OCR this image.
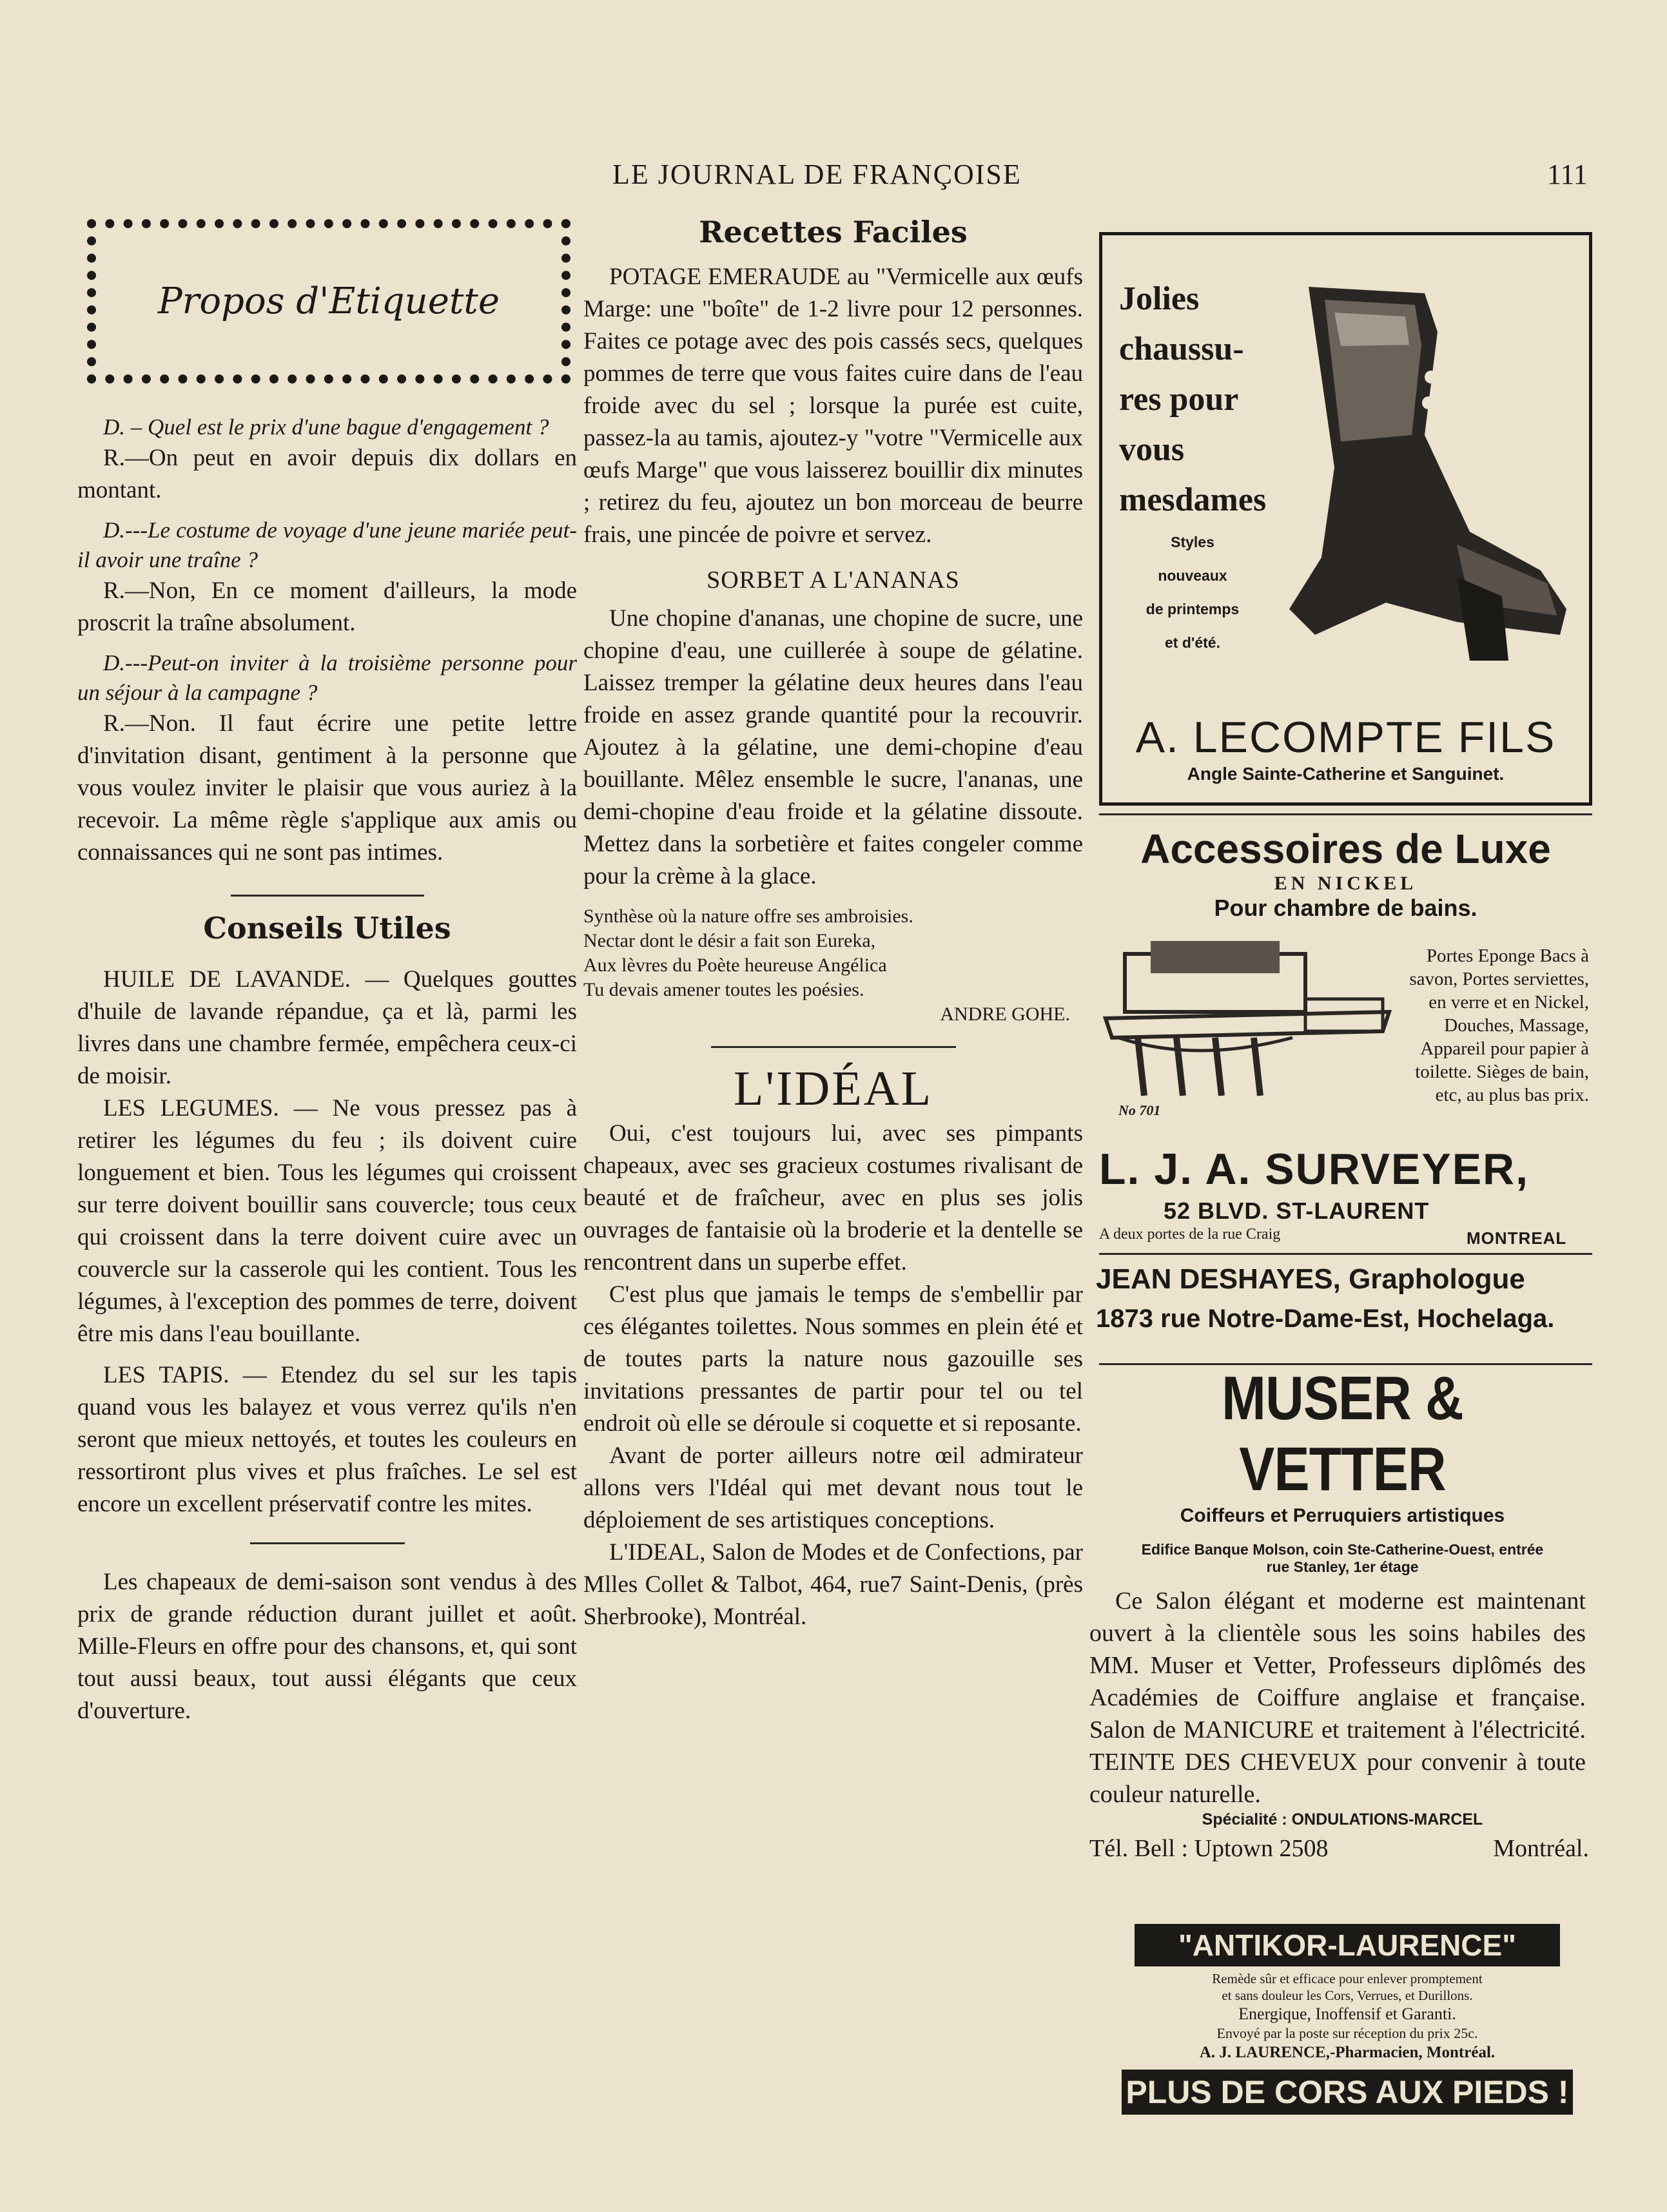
LE JOURNAL DE FRANÇOISE	111
Propos d'Etiquette

D. – Quel est le prix d'une bague d'engagement ?

R.—On peut en avoir depuis dix dollars en montant.

D.---Le costume de voyage d'une jeune mariée peut-il avoir une traîne ?

R.—Non, En ce moment d'ailleurs, la mode proscrit la traîne absolument.

D.---Peut-on inviter à la troisième personne pour un séjour à la campagne ?

R.—Non. Il faut écrire une petite lettre d'invitation disant, gentiment à la personne que vous voulez inviter le plaisir que vous auriez à la recevoir. La même règle s'applique aux amis ou connaissances qui ne sont pas intimes.

Conseils Utiles

HUILE DE LAVANDE. — Quelques gouttes d'huile de lavande répandue, ça et là, parmi les livres dans une chambre fermée, empêchera ceux-ci de moisir.

LES LEGUMES. — Ne vous pressez pas à retirer les légumes du feu ; ils doivent cuire longuement et bien. Tous les légumes qui croissent sur terre doivent bouillir sans couvercle; tous ceux qui croissent dans la terre doivent cuire avec un couvercle sur la casserole qui les contient. Tous les légumes, à l'exception des pommes de terre, doivent être mis dans l'eau bouillante.

LES TAPIS. — Etendez du sel sur les tapis quand vous les balayez et vous verrez qu'ils n'en seront que mieux nettoyés, et toutes les couleurs en ressortiront plus vives et plus fraîches. Le sel est encore un excellent préservatif contre les mites.

Les chapeaux de demi-saison sont vendus à des prix de grande réduction durant juillet et août. Mille-Fleurs en offre pour des chansons, et, qui sont tout aussi beaux, tout aussi élégants que ceux d'ouverture.

Recettes Faciles

POTAGE EMERAUDE au "Vermicelle aux œufs Marge: une "boîte" de 1-2 livre pour 12 personnes. Faites ce potage avec des pois cassés secs, quelques pommes de terre que vous faites cuire dans de l'eau froide avec du sel ; lorsque la purée est cuite, passez-la au tamis, ajoutez-y "votre "Vermicelle aux œufs Marge" que vous laisserez bouillir dix minutes ; retirez du feu, ajoutez un bon morceau de beurre frais, une pincée de poivre et servez.

SORBET A L'ANANAS

Une chopine d'ananas, une chopine de sucre, une chopine d'eau, une cuillerée à soupe de gélatine. Laissez tremper la gélatine deux heures dans l'eau froide en assez grande quantité pour la recouvrir. Ajoutez à la gélatine, une demi-chopine d'eau bouillante. Mêlez ensemble le sucre, l'ananas, une demi-chopine d'eau froide et la gélatine dissoute. Mettez dans la sorbetière et faites congeler comme pour la crème à la glace.

Synthèse où la nature offre ses ambroisies.
Nectar dont le désir a fait son Eureka,
Aux lèvres du Poète heureuse Angélica
Tu devais amener toutes les poésies.
ANDRE GOHE.
L'IDÉAL

Oui, c'est toujours lui, avec ses pimpants chapeaux, avec ses gracieux costumes rivalisant de beauté et de fraîcheur, avec en plus ses jolis ouvrages de fantaisie où la broderie et la dentelle se rencontrent dans un superbe effet.

C'est plus que jamais le temps de s'embellir par ces élégantes toilettes. Nous sommes en plein été et de toutes parts la nature nous gazouille ses invitations pressantes de partir pour tel ou tel endroit où elle se déroule si coquette et si reposante.

Avant de porter ailleurs notre œil admirateur allons vers l'Idéal qui met devant nous tout le déploiement de ses artistiques conceptions.

L'IDEAL, Salon de Modes et de Confections, par Mlles Collet & Talbot, 464, rue7 Saint-Denis, (près Sherbrooke), Montréal.

Jolies
chaussu-
res pour
vous
mesdames
Styles
nouveaux
de printemps
et d'été.
A. LECOMPTE FILS
Angle Sainte-Catherine et Sanguinet.
Accessoires de Luxe
EN NICKEL
Pour chambre de bains.
No 701
Portes Eponge Bacs à savon, Portes serviettes, en verre et en Nickel, Douches, Massage, Appareil pour papier à toilette. Sièges de bain, etc, au plus bas prix.
L. J. A. SURVEYER,
52 BLVD. ST-LAURENT
A deux portes de la rue Craig	MONTREAL
JEAN DESHAYES, Graphologue
1873 rue Notre-Dame-Est, Hochelaga.
MUSER & VETTER
Coiffeurs et Perruquiers artistiques
Edifice Banque Molson, coin Ste-Catherine-Ouest, entrée
rue Stanley, 1er étage
Ce Salon élégant et moderne est maintenant ouvert à la clientèle sous les soins habiles des MM. Muser et Vetter, Professeurs diplômés des Académies de Coiffure anglaise et française. Salon de MANICURE et traitement à l'électricité. TEINTE DES CHEVEUX pour convenir à toute couleur naturelle.
Spécialité : ONDULATIONS-MARCEL
Tél. Bell : Uptown 2508	Montréal.
"ANTIKOR-LAURENCE"
Remède sûr et efficace pour enlever promptement
et sans douleur les Cors, Verrues, et Durillons.
Energique, Inoffensif et Garanti.
Envoyé par la poste sur réception du prix 25c.
A. J. LAURENCE,-Pharmacien, Montréal.
PLUS DE CORS AUX PIEDS !
